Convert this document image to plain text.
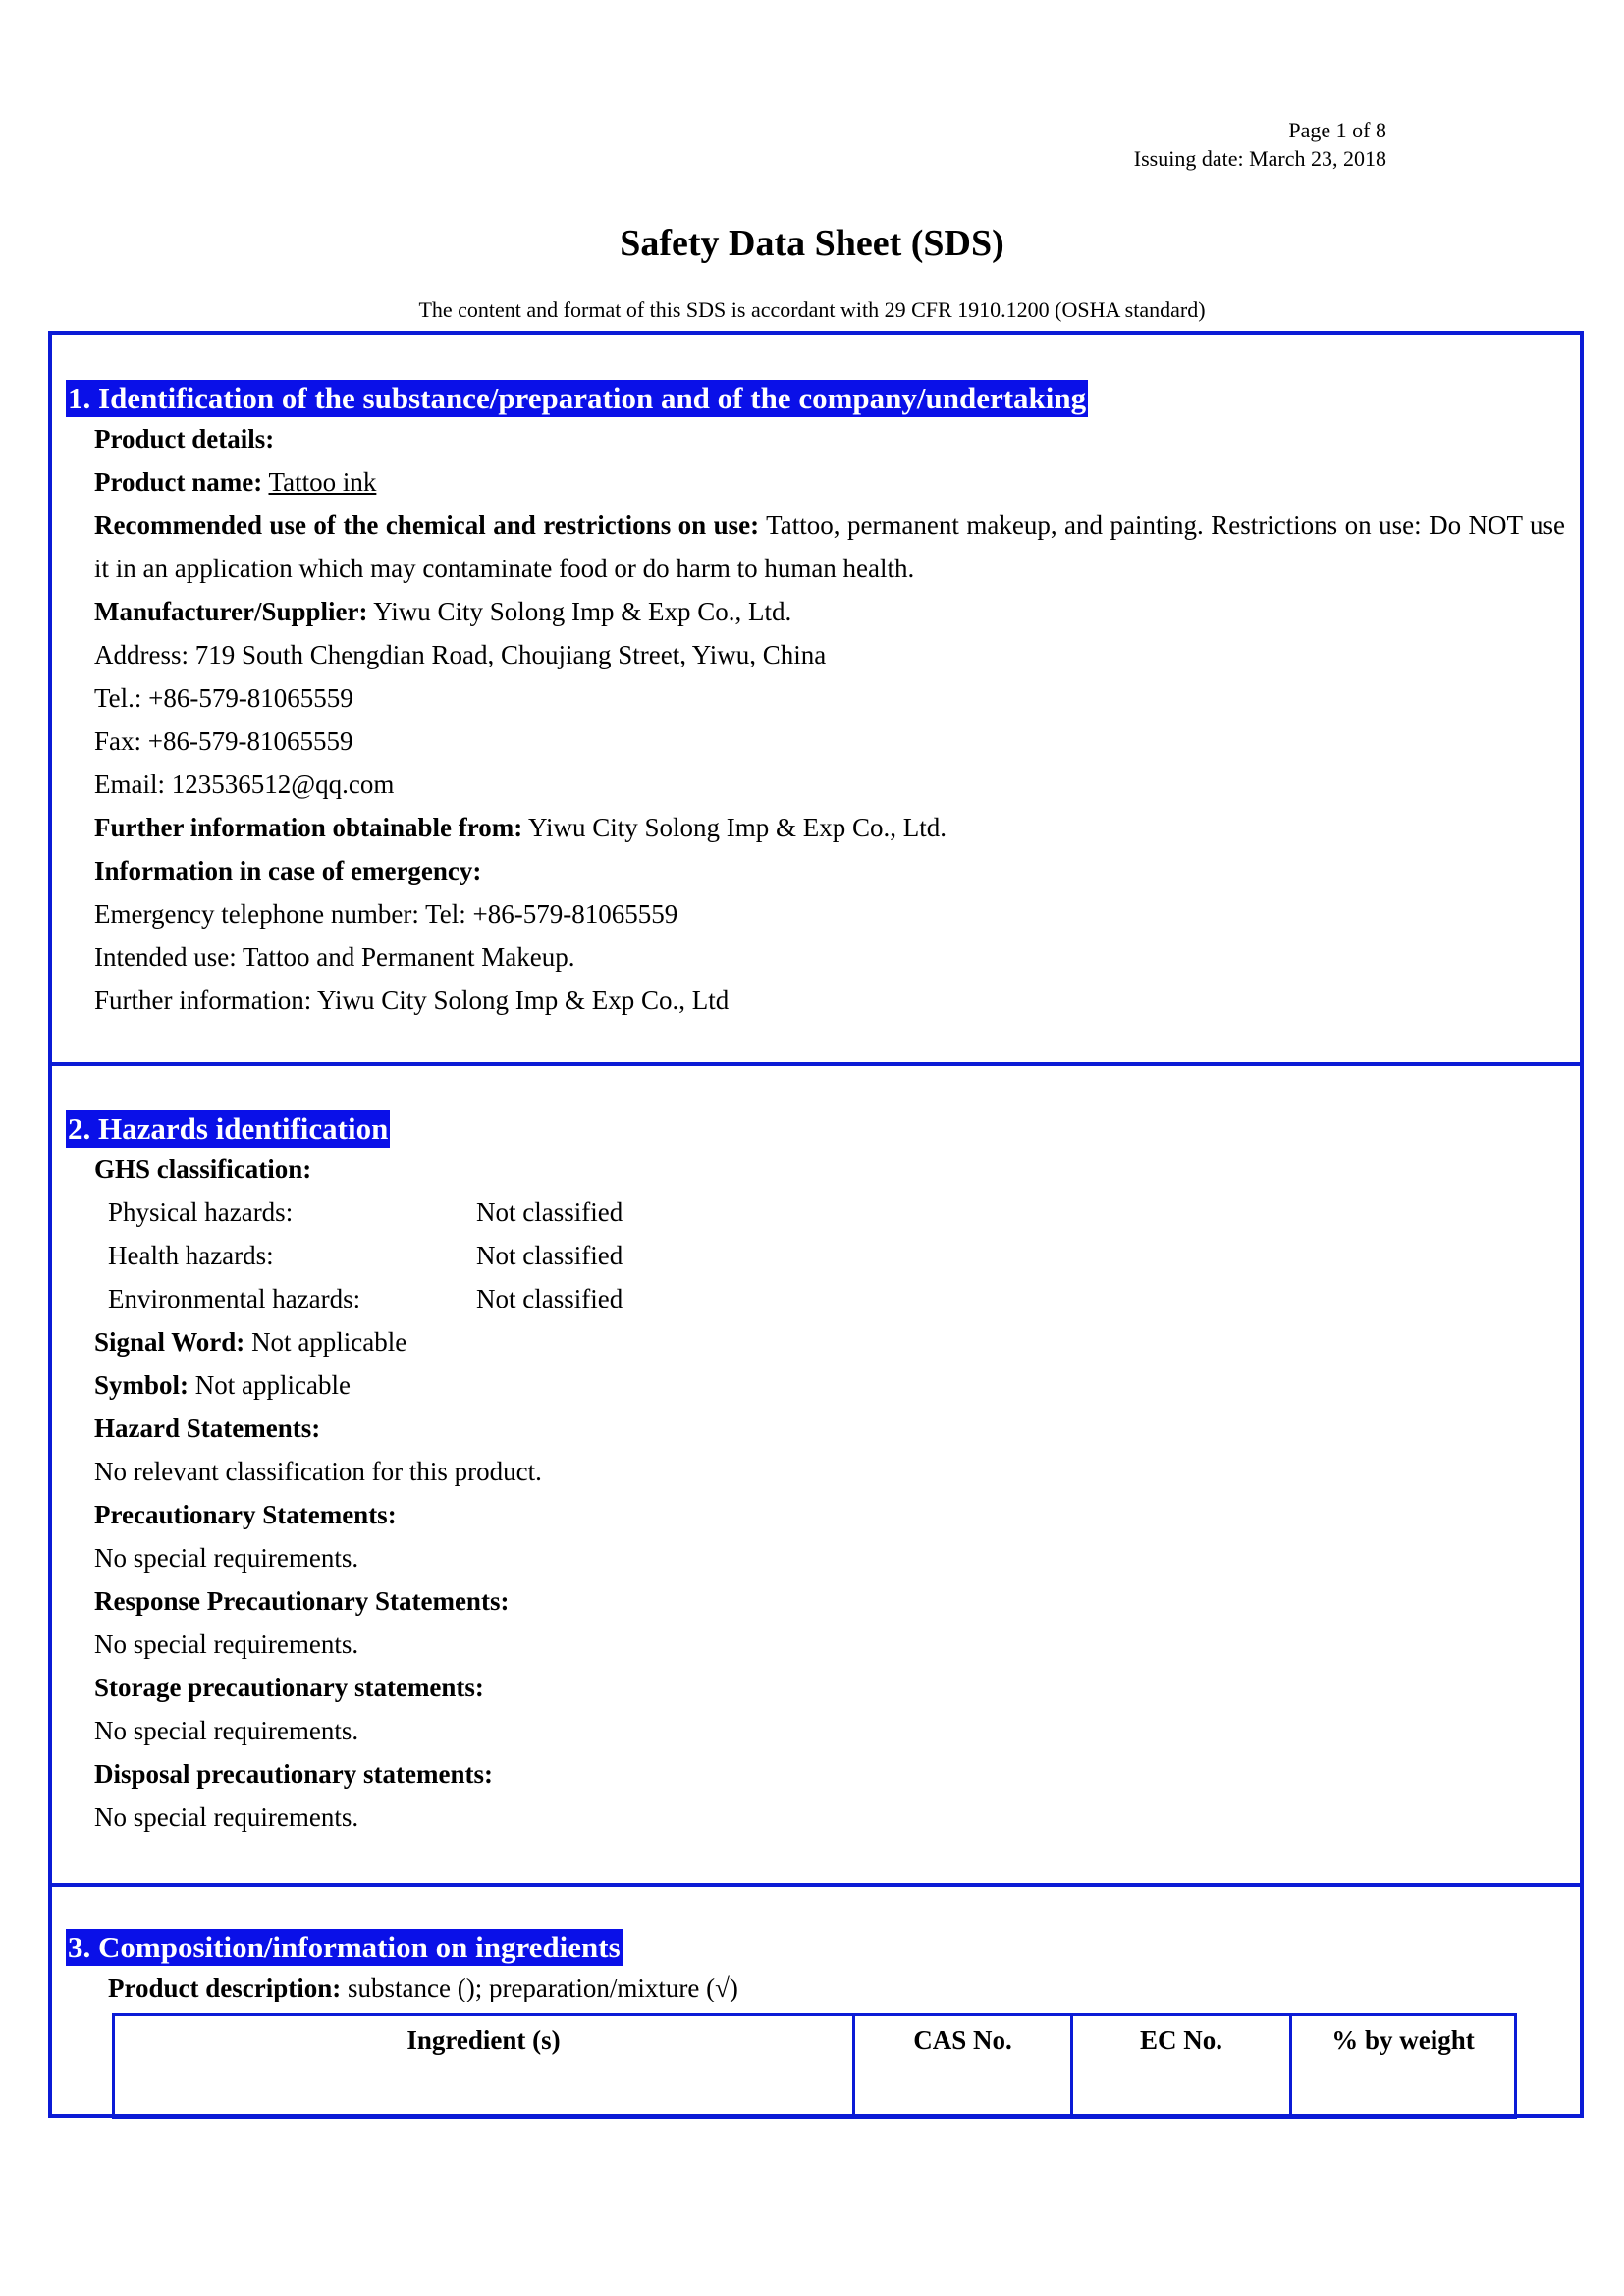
Page 1 of 8
Issuing date: March 23, 2018
Safety Data Sheet (SDS)
The content and format of this SDS is accordant with 29 CFR 1910.1200 (OSHA standard)
1. Identification of the substance/preparation and of the company/undertaking
Product details:
Product name: Tattoo ink
Recommended use of the chemical and restrictions on use: Tattoo, permanent makeup, and painting. Restrictions on use: Do NOT use it in an application which may contaminate food or do harm to human health.
Manufacturer/Supplier: Yiwu City Solong Imp & Exp Co., Ltd.
Address: 719 South Chengdian Road, Choujiang Street, Yiwu, China
Tel.: +86-579-81065559
Fax: +86-579-81065559
Email: 123536512@qq.com
Further information obtainable from: Yiwu City Solong Imp & Exp Co., Ltd.
Information in case of emergency:
Emergency telephone number: Tel: +86-579-81065559
Intended use: Tattoo and Permanent Makeup.
Further information: Yiwu City Solong Imp & Exp Co., Ltd
2. Hazards identification
GHS classification:
Physical hazards:	Not classified
Health hazards:	Not classified
Environmental hazards:	Not classified
Signal Word: Not applicable
Symbol: Not applicable
Hazard Statements:
No relevant classification for this product.
Precautionary Statements:
No special requirements.
Response Precautionary Statements:
No special requirements.
Storage precautionary statements:
No special requirements.
Disposal precautionary statements:
No special requirements.
3. Composition/information on ingredients
Product description: substance (); preparation/mixture (√)
Ingredient (s)	CAS No.	EC No.	% by weight
